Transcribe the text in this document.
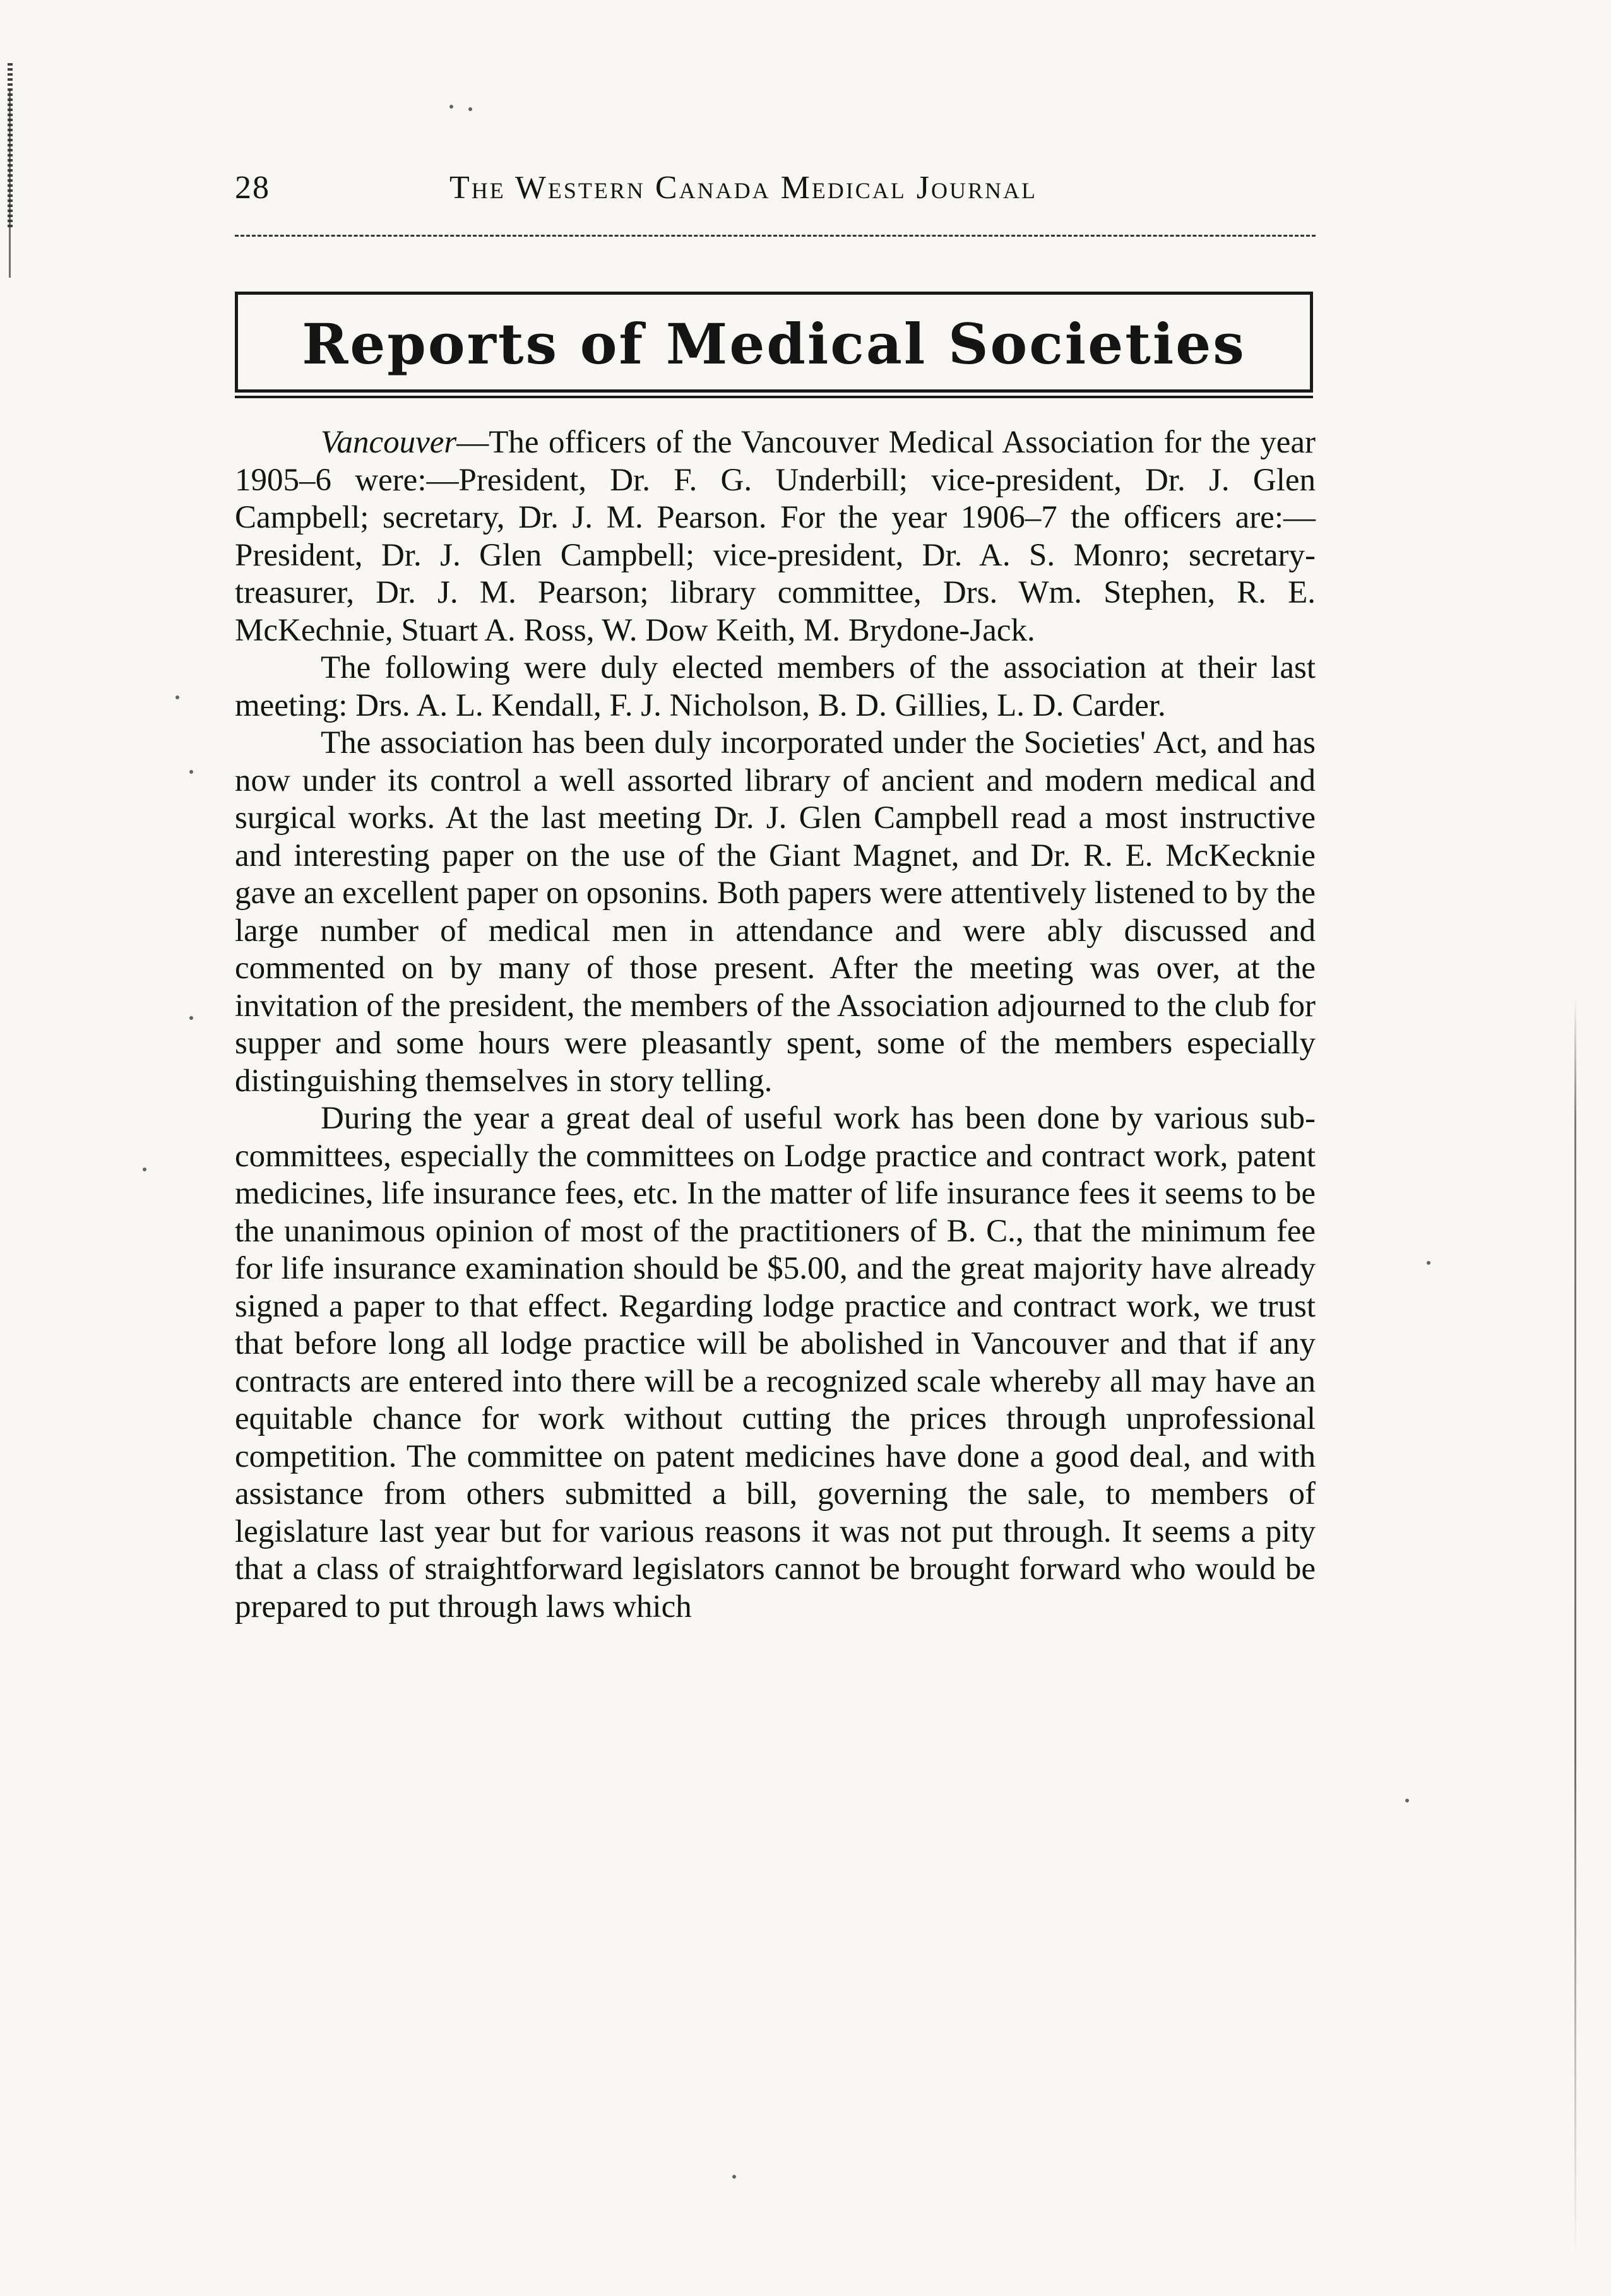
28	The Western Canada Medical Journal
Reports of Medical Societies

Vancouver—The officers of the Vancouver Medical Association for the year 1905–6 were:—President, Dr. F. G. Underbill; vice-president, Dr. J. Glen Campbell; secretary, Dr. J. M. Pearson. For the year 1906–7 the officers are:—President, Dr. J. Glen Campbell; vice-president, Dr. A. S. Monro; secretary-treasurer, Dr. J. M. Pearson; library committee, Drs. Wm. Stephen, R. E. McKechnie, Stuart A. Ross, W. Dow Keith, M. Brydone-Jack.

The following were duly elected members of the association at their last meeting: Drs. A. L. Kendall, F. J. Nicholson, B. D. Gillies, L. D. Carder.

The association has been duly incorporated under the Societies' Act, and has now under its control a well assorted library of ancient and modern medical and surgical works. At the last meeting Dr. J. Glen Campbell read a most instructive and interesting paper on the use of the Giant Magnet, and Dr. R. E. McKecknie gave an excellent paper on opsonins. Both papers were attentively listened to by the large number of medical men in attendance and were ably discussed and commented on by many of those present. After the meeting was over, at the invitation of the president, the members of the Association adjourned to the club for supper and some hours were pleasantly spent, some of the members especially distinguishing themselves in story telling.

During the year a great deal of useful work has been done by various sub-committees, especially the committees on Lodge practice and contract work, patent medicines, life insurance fees, etc. In the matter of life insurance fees it seems to be the unanimous opinion of most of the practitioners of B. C., that the minimum fee for life insurance examination should be $5.00, and the great majority have already signed a paper to that effect. Regarding lodge practice and contract work, we trust that before long all lodge practice will be abolished in Vancouver and that if any contracts are entered into there will be a recognized scale whereby all may have an equitable chance for work without cutting the prices through unprofessional competition. The committee on patent medicines have done a good deal, and with assistance from others submitted a bill, governing the sale, to members of legislature last year but for various reasons it was not put through. It seems a pity that a class of straightforward legislators cannot be brought forward who would be prepared to put through laws which
